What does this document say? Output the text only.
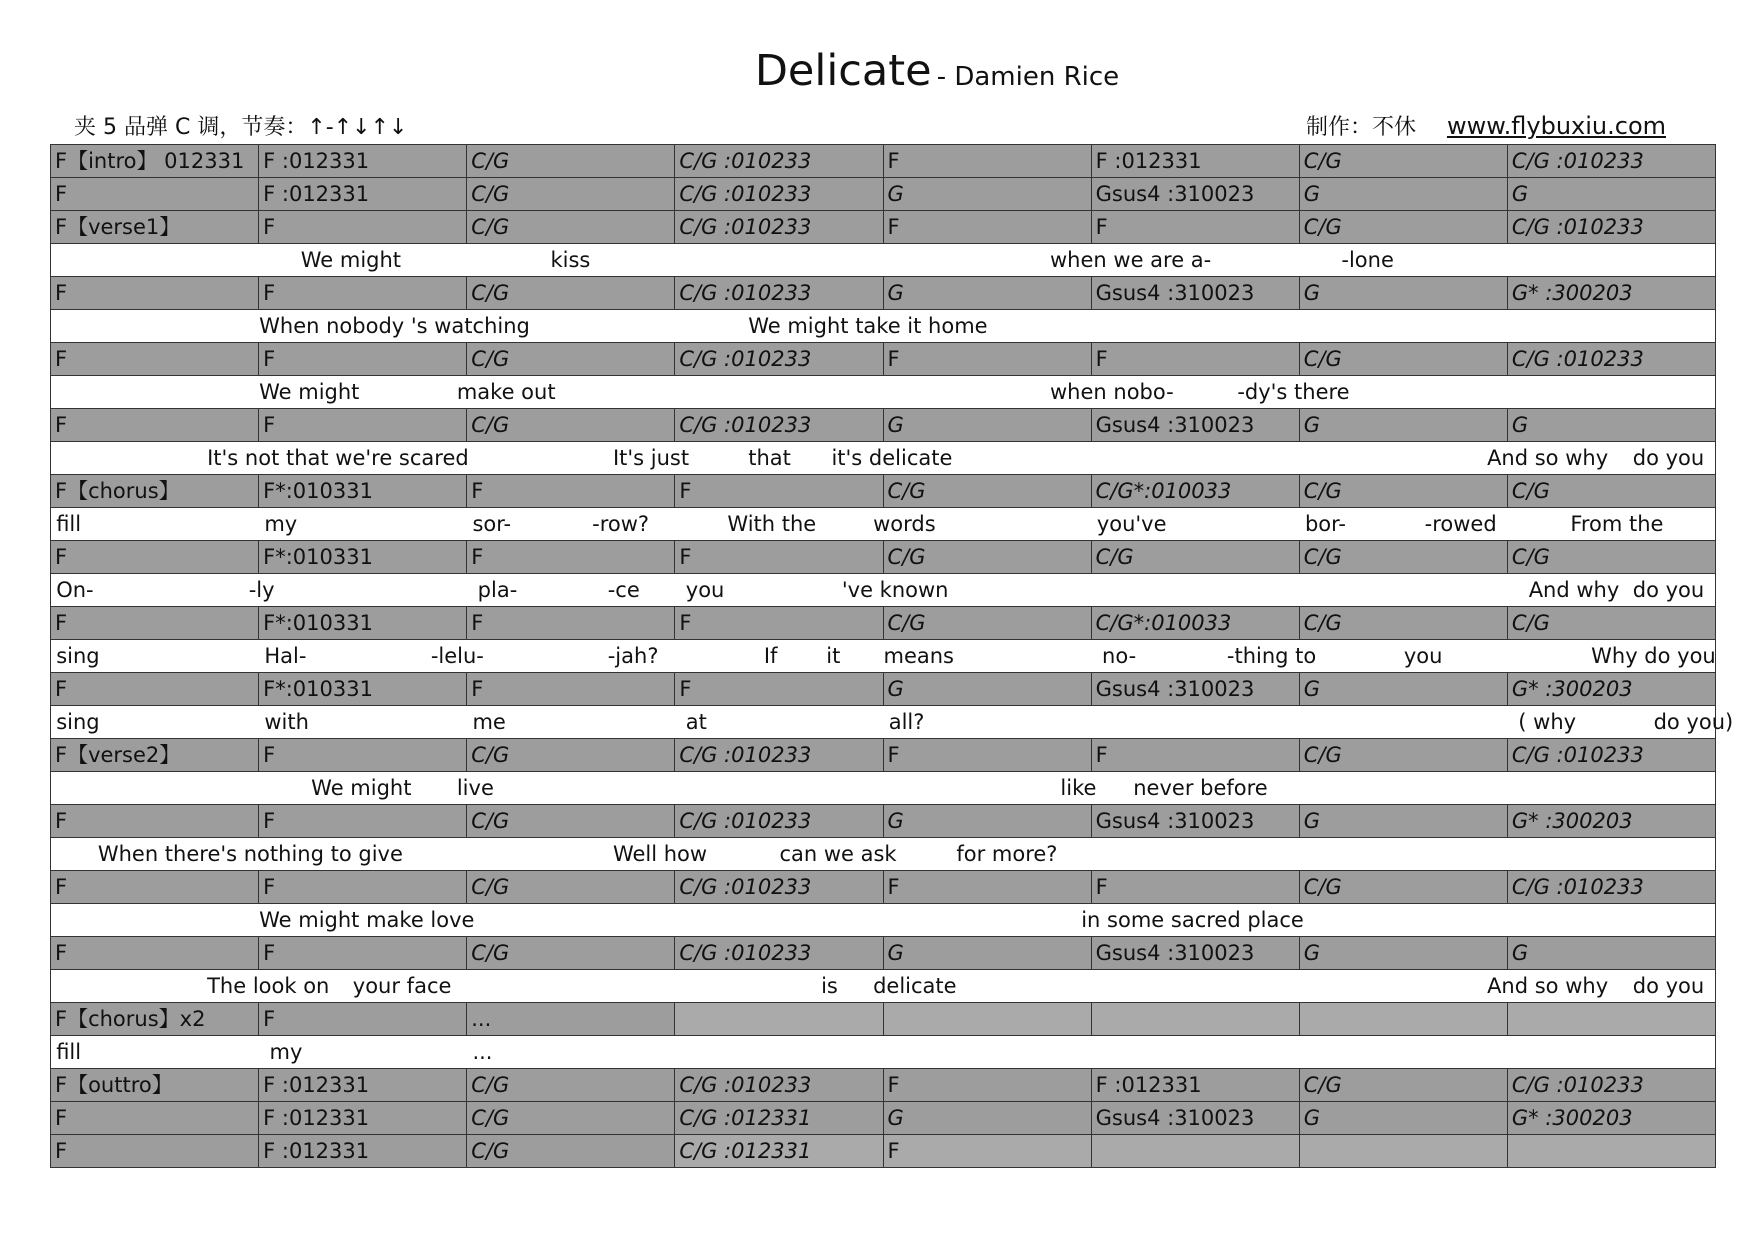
Delicate - Damien Rice
夹 5 品弹 C 调，节奏：↑-↑↓↑↓	制作：不休 www.flybuxiu.com
F【intro】 012331 F :012331	C/G	C/G :010233	F	F :012331	C/G	C/G :010233
F	F :012331	C/G	C/G :010233	G	Gsus4 :310023	G	G
F【verse1】	F	C/G	C/G :010233	F	F	C/G	C/G :010233
We might	kiss	when we are a-	-lone
F	F	C/G	C/G :010233	G	Gsus4 :310023	G	G* :300203
When nobody 's watching	We might take it home
F	F	C/G	C/G :010233	F	F	C/G	C/G :010233
We might	make out	when nobo-	-dy's there
F	F	C/G	C/G :010233	G	Gsus4 :310023	G	G
It's not that we're scared	It's just	that it's delicate	And so why do you
F【chorus】	F*:010331	F	F	C/G	C/G*:010033	C/G	C/G
fill	my	sor-	-row?	With the	words	you've	bor-	-rowed	From the
F	F*:010331	F	F	C/G	C/G	C/G	C/G
On-	-ly	pla-	-ce you	've known	And why do you
F	F*:010331	F	F	C/G	C/G*:010033	C/G	C/G
sing	Hal-	-lelu-	-jah?	If it means	no-	-thing to	you	Why do you
F	F*:010331	F	F	G	Gsus4 :310023	G	G* :300203
sing	with	me	at	all?	( why	do you)
F【verse2】	F	C/G	C/G :010233	F	F	C/G	C/G :010233
We might live	like never before
F	F	C/G	C/G :010233	G	Gsus4 :310023	G	G* :300203
When there's nothing to give	Well how	can we ask	for more?
F	F	C/G	C/G :010233	F	F	C/G	C/G :010233
We might make love	in some sacred place
F	F	C/G	C/G :010233	G	Gsus4 :310023	G	G
The look on your face	is delicate	And so why do you
F【chorus】x2	F	...
fill	my	...
F【outtro】	F :012331	C/G	C/G :010233	F	F :012331	C/G	C/G :010233
F	F :012331	C/G	C/G :012331	G	Gsus4 :310023	G	G* :300203
F	F :012331	C/G	C/G :012331	F
